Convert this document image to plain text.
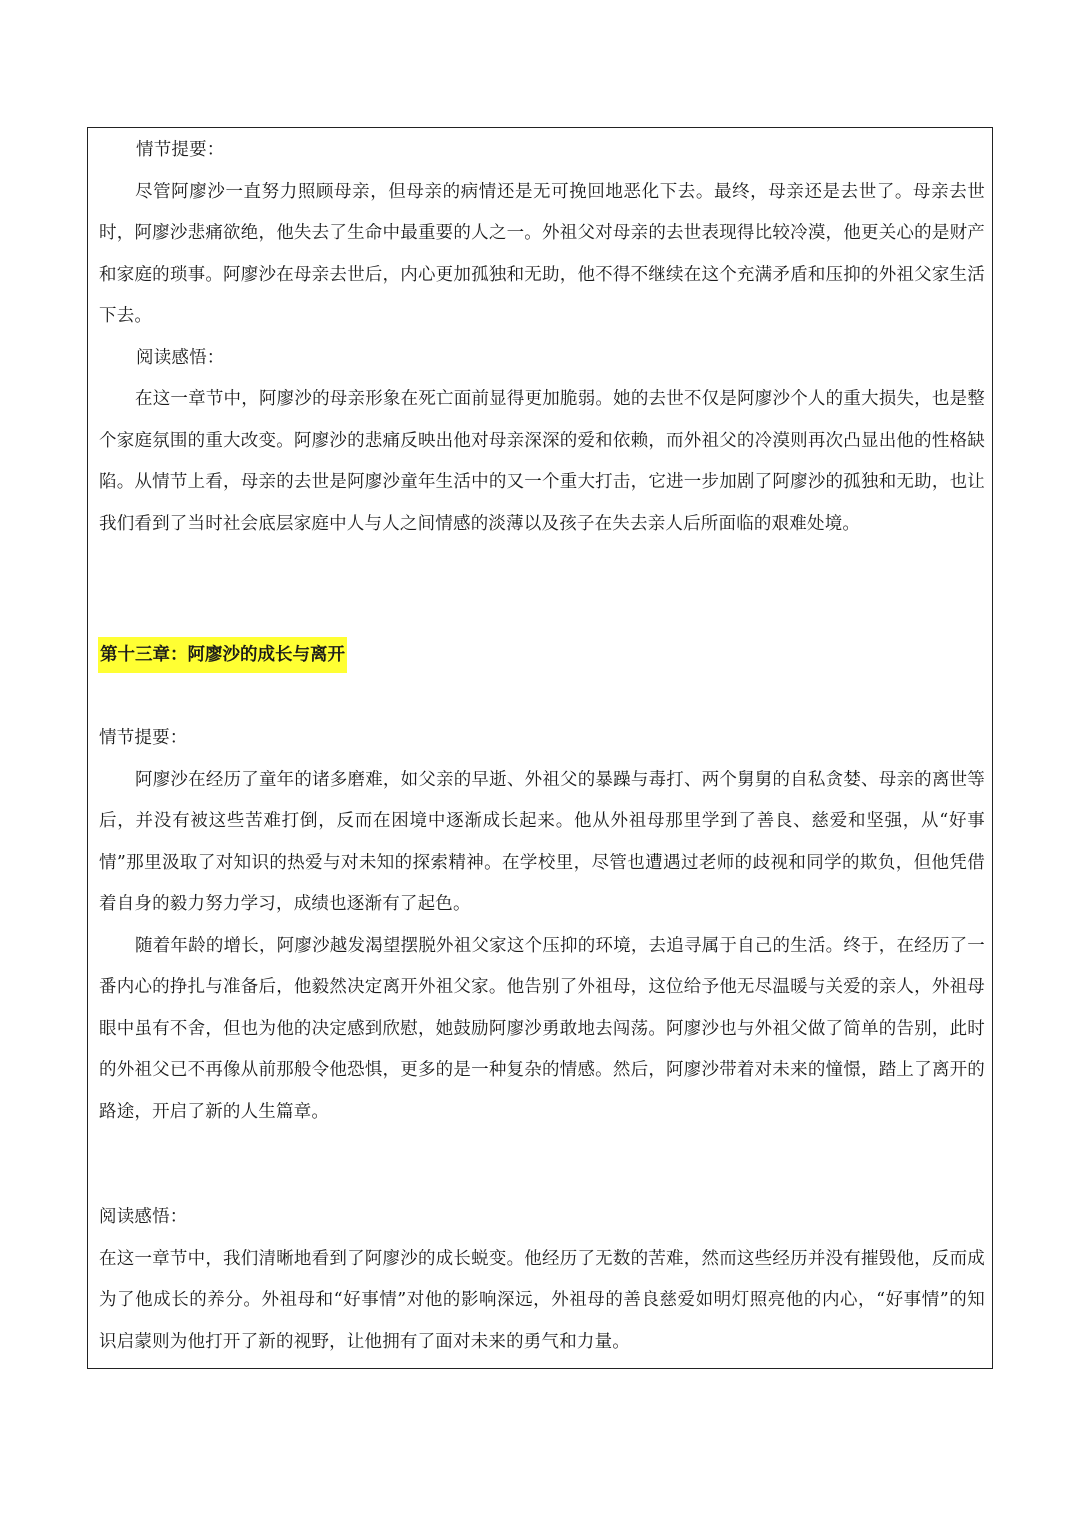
情节提要：

尽管阿廖沙一直努力照顾母亲，但母亲的病情还是无可挽回地恶化下去。最终，母亲还是去世了。母亲去世时，阿廖沙悲痛欲绝，他失去了生命中最重要的人之一。外祖父对母亲的去世表现得比较冷漠，他更关心的是财产和家庭的琐事。阿廖沙在母亲去世后，内心更加孤独和无助，他不得不继续在这个充满矛盾和压抑的外祖父家生活下去。

阅读感悟：

在这一章节中，阿廖沙的母亲形象在死亡面前显得更加脆弱。她的去世不仅是阿廖沙个人的重大损失，也是整个家庭氛围的重大改变。阿廖沙的悲痛反映出他对母亲深深的爱和依赖，而外祖父的冷漠则再次凸显出他的性格缺陷。从情节上看，母亲的去世是阿廖沙童年生活中的又一个重大打击，它进一步加剧了阿廖沙的孤独和无助，也让我们看到了当时社会底层家庭中人与人之间情感的淡薄以及孩子在失去亲人后所面临的艰难处境。

第十三章：阿廖沙的成长与离开

情节提要：

阿廖沙在经历了童年的诸多磨难，如父亲的早逝、外祖父的暴躁与毒打、两个舅舅的自私贪婪、母亲的离世等后，并没有被这些苦难打倒，反而在困境中逐渐成长起来。他从外祖母那里学到了善良、慈爱和坚强，从“好事情”那里汲取了对知识的热爱与对未知的探索精神。在学校里，尽管也遭遇过老师的歧视和同学的欺负，但他凭借着自身的毅力努力学习，成绩也逐渐有了起色。

随着年龄的增长，阿廖沙越发渴望摆脱外祖父家这个压抑的环境，去追寻属于自己的生活。终于，在经历了一番内心的挣扎与准备后，他毅然决定离开外祖父家。他告别了外祖母，这位给予他无尽温暖与关爱的亲人，外祖母眼中虽有不舍，但也为他的决定感到欣慰，她鼓励阿廖沙勇敢地去闯荡。阿廖沙也与外祖父做了简单的告别，此时的外祖父已不再像从前那般令他恐惧，更多的是一种复杂的情感。然后，阿廖沙带着对未来的憧憬，踏上了离开的路途，开启了新的人生篇章。

阅读感悟：

在这一章节中，我们清晰地看到了阿廖沙的成长蜕变。他经历了无数的苦难，然而这些经历并没有摧毁他，反而成为了他成长的养分。外祖母和“好事情”对他的影响深远，外祖母的善良慈爱如明灯照亮他的内心，“好事情”的知识启蒙则为他打开了新的视野，让他拥有了面对未来的勇气和力量。
